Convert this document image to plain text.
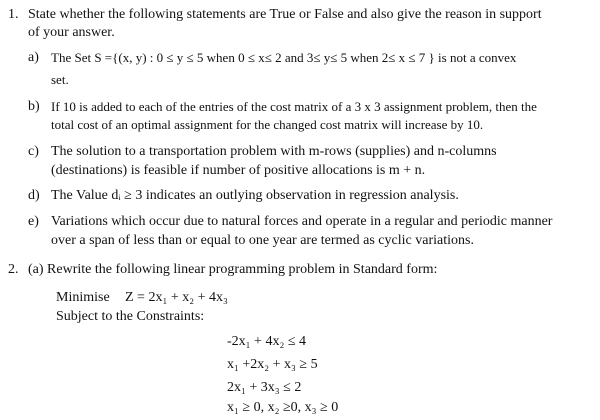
1. State whether the following statements are True or False and also give the reason in support
of your answer.
a) The Set S ={(x, y) : 0 ≤ y ≤ 5 when 0 ≤ x≤ 2 and 3≤ y≤ 5 when 2≤ x ≤ 7 } is not a convex
set.
b) If 10 is added to each of the entries of the cost matrix of a 3 x 3 assignment problem, then the
total cost of an optimal assignment for the changed cost matrix will increase by 10.
c) The solution to a transportation problem with m-rows (supplies) and n-columns
(destinations) is feasible if number of positive allocations is m + n.
d) The Value dᵢ ≥ 3 indicates an outlying observation in regression analysis.
e) Variations which occur due to natural forces and operate in a regular and periodic manner
over a span of less than or equal to one year are termed as cyclic variations.
2. (a) Rewrite the following linear programming problem in Standard form:
Minimise Z = 2x₁ + x₂ + 4x₃
Subject to the Constraints:
-2x₁ + 4x₂ ≤ 4
x₁ +2x₂ + x₃ ≥ 5
2x₁ + 3x₃ ≤ 2
x₁ ≥ 0, x₂ ≥0, x₃ ≥ 0
